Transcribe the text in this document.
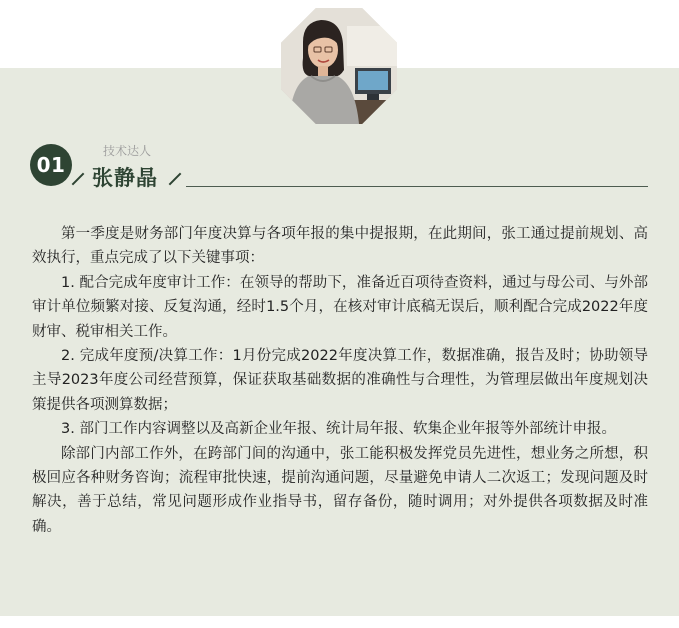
01
技术达人
张静晶

第一季度是财务部门年度决算与各项年报的集中提报期，在此期间，张工通过提前规划、高效执行，重点完成了以下关键事项：

1. 配合完成年度审计工作：在领导的帮助下，准备近百项待查资料，通过与母公司、与外部审计单位频繁对接、反复沟通，经时1.5个月，在核对审计底稿无误后，顺利配合完成2022年度财审、税审相关工作。

2. 完成年度预/决算工作：1月份完成2022年度决算工作，数据准确，报告及时；协助领导主导2023年度公司经营预算，保证获取基础数据的准确性与合理性，为管理层做出年度规划决策提供各项测算数据；

3. 部门工作内容调整以及高新企业年报、统计局年报、软集企业年报等外部统计申报。

除部门内部工作外，在跨部门间的沟通中，张工能积极发挥党员先进性，想业务之所想，积极回应各种财务咨询；流程审批快速，提前沟通问题，尽量避免申请人二次返工；发现问题及时解决，善于总结，常见问题形成作业指导书，留存备份，随时调用；对外提供各项数据及时准确。
